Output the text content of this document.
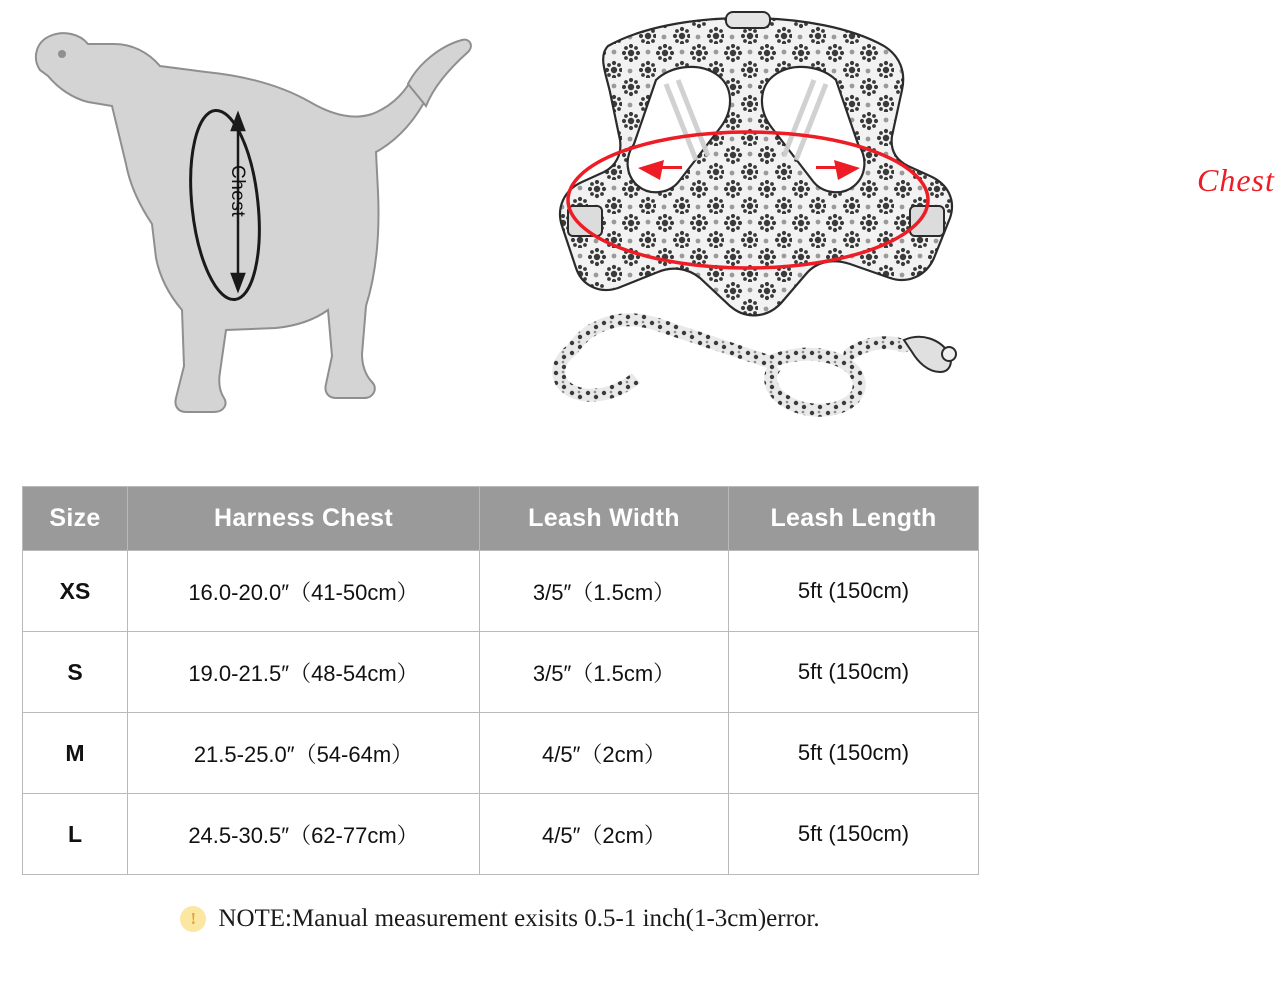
Chest	Chest
Size	Harness Chest	Leash Width	Leash Length
XS	16.0-20.0″（41-50cm）	3/5″（1.5cm）	5ft (150cm)
S	19.0-21.5″（48-54cm）	3/5″（1.5cm）	5ft (150cm)
M	21.5-25.0″（54-64m）	4/5″（2cm）	5ft (150cm)
L	24.5-30.5″（62-77cm）	4/5″（2cm）	5ft (150cm)
! NOTE:Manual measurement exisits 0.5-1 inch(1-3cm)error.
